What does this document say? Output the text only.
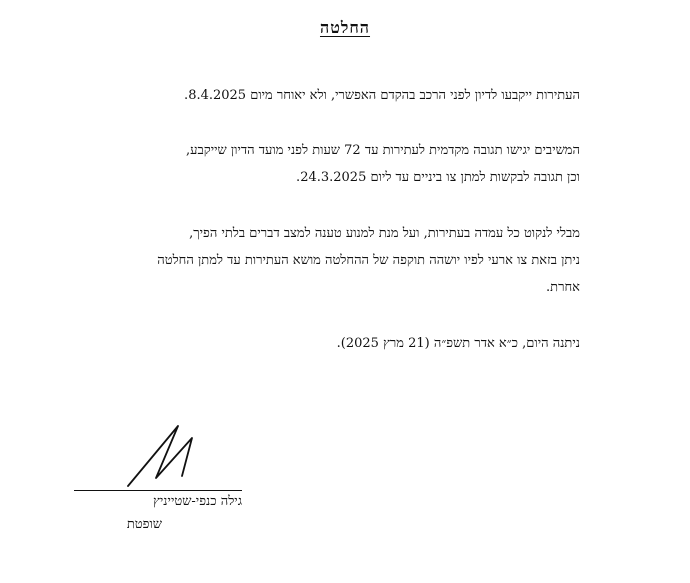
החלטה
העתירות ייקבעו לדיון לפני הרכב בהקדם האפשרי, ולא יאוחר מיום 8.4.2025.
המשיבים יגישו תגובה מקדמית לעתירות עד 72 שעות לפני מועד הדיון שייקבע,
וכן תגובה לבקשות למתן צו ביניים עד ליום 24.3.2025.
מבלי לנקוט כל עמדה בעתירות, ועל מנת למנוע טענה למצב דברים בלתי הפיך,
ניתן בזאת צו ארעי לפיו יושהה תוקפה של ההחלטה מושא העתירות עד למתן החלטה
אחרת.
ניתנה היום, כ״א אדר תשפ״ה (21 מרץ 2025).
גילה כנפי-שטייניץ
שופטת
